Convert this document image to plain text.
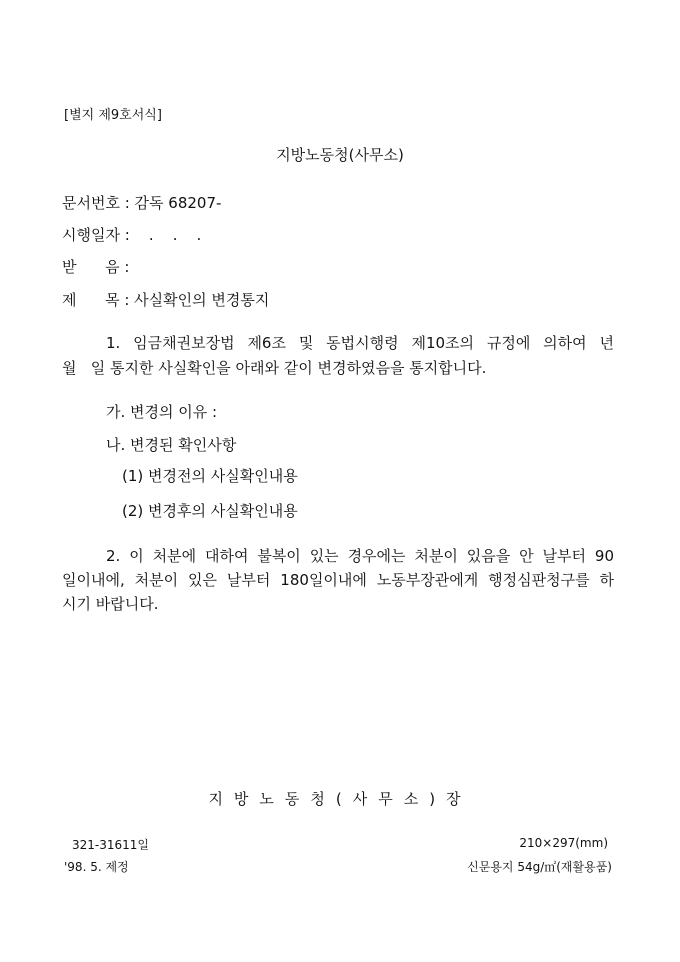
[별지 제9호서식]
지방노동청(사무소)
문서번호 : 감독 68207-
시행일자 :    .    .    .
받      음 :
제      목 : 사실확인의 변경통지
1. 임금채권보장법 제6조 및 동법시행령 제10조의 규정에 의하여 년
월   일 통지한 사실확인을 아래와 같이 변경하였음을 통지합니다.
가. 변경의 이유 :
나. 변경된 확인사항
(1) 변경전의 사실확인내용
(2) 변경후의 사실확인내용
2. 이 처분에 대하여 불복이 있는 경우에는 처분이 있음을 안 날부터 90
일이내에, 처분이 있은 날부터 180일이내에 노동부장관에게 행정심판청구를 하
시기 바랍니다.
지방노동청(사무소)장
321-31611일	210×297(mm)
'98. 5. 제정	신문용지 54g/㎡(재활용품)
